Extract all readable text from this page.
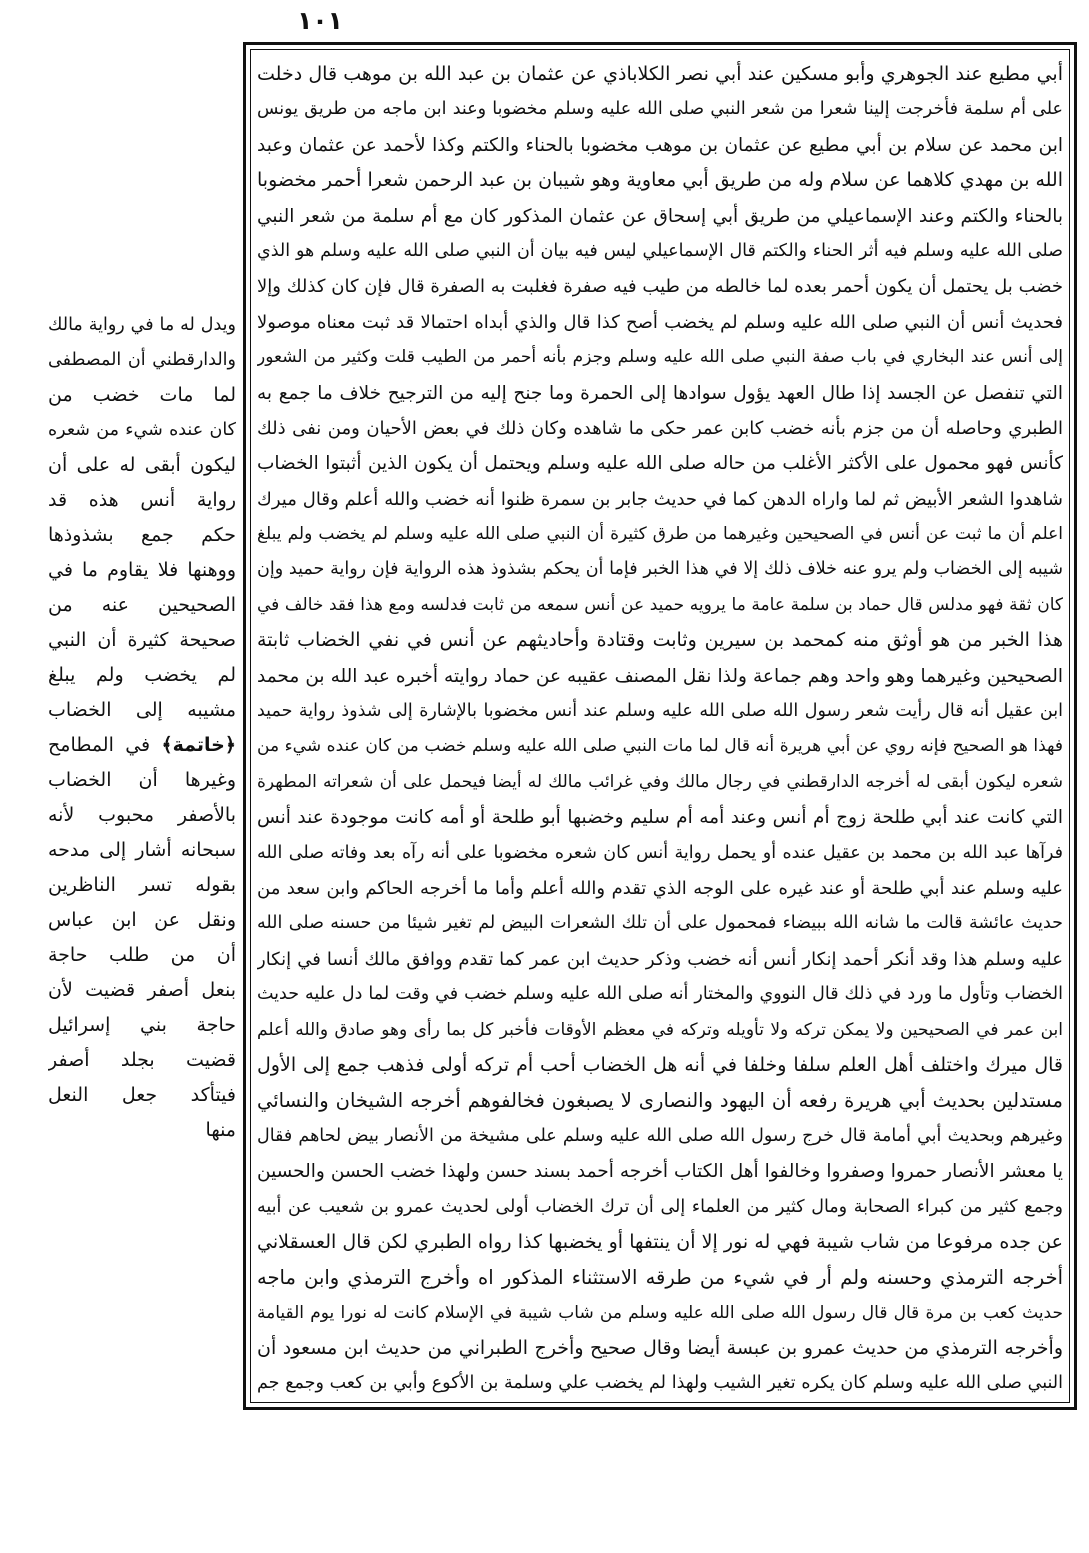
١٠١
أبي مطيع عند الجوهري وأبو مسكين عند أبي نصر الكلاباذي عن عثمان بن عبد الله بن موهب قال دخلت
على أم سلمة فأخرجت إلينا شعرا من شعر النبي صلى الله عليه وسلم مخضوبا وعند ابن ماجه من طريق يونس
ابن محمد عن سلام بن أبي مطيع عن عثمان بن موهب مخضوبا بالحناء والكتم وكذا لأحمد عن عثمان وعبد
الله بن مهدي كلاهما عن سلام وله من طريق أبي معاوية وهو شيبان بن عبد الرحمن شعرا أحمر مخضوبا
بالحناء والكتم وعند الإسماعيلي من طريق أبي إسحاق عن عثمان المذكور كان مع أم سلمة من شعر النبي
صلى الله عليه وسلم فيه أثر الحناء والكتم قال الإسماعيلي ليس فيه بيان أن النبي صلى الله عليه وسلم هو الذي
خضب بل يحتمل أن يكون أحمر بعده لما خالطه من طيب فيه صفرة فغلبت به الصفرة قال فإن كان كذلك وإلا
فحديث أنس أن النبي صلى الله عليه وسلم لم يخضب أصح كذا قال والذي أبداه احتمالا قد ثبت معناه موصولا
إلى أنس عند البخاري في باب صفة النبي صلى الله عليه وسلم وجزم بأنه أحمر من الطيب قلت وكثير من الشعور
التي تنفصل عن الجسد إذا طال العهد يؤول سوادها إلى الحمرة وما جنح إليه من الترجيح خلاف ما جمع به
الطبري وحاصله أن من جزم بأنه خضب كابن عمر حكى ما شاهده وكان ذلك في بعض الأحيان ومن نفى ذلك
كأنس فهو محمول على الأكثر الأغلب من حاله صلى الله عليه وسلم ويحتمل أن يكون الذين أثبتوا الخضاب
شاهدوا الشعر الأبيض ثم لما واراه الدهن كما في حديث جابر بن سمرة ظنوا أنه خضب والله أعلم وقال ميرك
اعلم أن ما ثبت عن أنس في الصحيحين وغيرهما من طرق كثيرة أن النبي صلى الله عليه وسلم لم يخضب ولم يبلغ
شيبه إلى الخضاب ولم يرو عنه خلاف ذلك إلا في هذا الخبر فإما أن يحكم بشذوذ هذه الرواية فإن رواية حميد وإن
كان ثقة فهو مدلس قال حماد بن سلمة عامة ما يرويه حميد عن أنس سمعه من ثابت فدلسه ومع هذا فقد خالف في
هذا الخبر من هو أوثق منه كمحمد بن سيرين وثابت وقتادة وأحاديثهم عن أنس في نفي الخضاب ثابتة
الصحيحين وغيرهما وهو واحد وهم جماعة ولذا نقل المصنف عقيبه عن حماد روايته أخبره عبد الله بن محمد
ابن عقيل أنه قال رأيت شعر رسول الله صلى الله عليه وسلم عند أنس مخضوبا بالإشارة إلى شذوذ رواية حميد
فهذا هو الصحيح فإنه روي عن أبي هريرة أنه قال لما مات النبي صلى الله عليه وسلم خضب من كان عنده شيء من
شعره ليكون أبقى له أخرجه الدارقطني في رجال مالك وفي غرائب مالك له أيضا فيحمل على أن شعراته المطهرة
التي كانت عند أبي طلحة زوج أم أنس وعند أمه أم سليم وخضبها أبو طلحة أو أمه كانت موجودة عند أنس
فرآها عبد الله بن محمد بن عقيل عنده أو يحمل رواية أنس كان شعره مخضوبا على أنه رآه بعد وفاته صلى الله
عليه وسلم عند أبي طلحة أو عند غيره على الوجه الذي تقدم والله أعلم وأما ما أخرجه الحاكم وابن سعد من
حديث عائشة قالت ما شانه الله ببيضاء فمحمول على أن تلك الشعرات البيض لم تغير شيئا من حسنه صلى الله
عليه وسلم هذا وقد أنكر أحمد إنكار أنس أنه خضب وذكر حديث ابن عمر كما تقدم ووافق مالك أنسا في إنكار
الخضاب وتأول ما ورد في ذلك قال النووي والمختار أنه صلى الله عليه وسلم خضب في وقت لما دل عليه حديث
ابن عمر في الصحيحين ولا يمكن تركه ولا تأويله وتركه في معظم الأوقات فأخبر كل بما رأى وهو صادق والله أعلم
قال ميرك واختلف أهل العلم سلفا وخلفا في أنه هل الخضاب أحب أم تركه أولى فذهب جمع إلى الأول
مستدلين بحديث أبي هريرة رفعه أن اليهود والنصارى لا يصبغون فخالفوهم أخرجه الشيخان والنسائي
وغيرهم وبحديث أبي أمامة قال خرج رسول الله صلى الله عليه وسلم على مشيخة من الأنصار بيض لحاهم فقال
يا معشر الأنصار حمروا وصفروا وخالفوا أهل الكتاب أخرجه أحمد بسند حسن ولهذا خضب الحسن والحسين
وجمع كثير من كبراء الصحابة ومال كثير من العلماء إلى أن ترك الخضاب أولى لحديث عمرو بن شعيب عن أبيه
عن جده مرفوعا من شاب شيبة فهي له نور إلا أن ينتفها أو يخضبها كذا رواه الطبري لكن قال العسقلاني
أخرجه الترمذي وحسنه ولم أر في شيء من طرقه الاستثناء المذكور اه وأخرج الترمذي وابن ماجه
حديث كعب بن مرة قال قال رسول الله صلى الله عليه وسلم من شاب شيبة في الإسلام كانت له نورا يوم القيامة
وأخرجه الترمذي من حديث عمرو بن عبسة أيضا وقال صحيح وأخرج الطبراني من حديث ابن مسعود أن
النبي صلى الله عليه وسلم كان يكره تغير الشيب ولهذا لم يخضب علي وسلمة بن الأكوع وأبي بن كعب وجمع جم
ويدل له ما في رواية مالك
والدارقطني أن المصطفى
لما مات خضب من
كان عنده شيء من شعره
ليكون أبقى له على أن
رواية أنس هذه قد
حكم جمع بشذوذها
ووهنها فلا يقاوم ما في
الصحيحين عنه من
صحيحة كثيرة أن النبي
لم يخضب ولم يبلغ
مشيبه إلى الخضاب
﴿خاتمة﴾ في المطامح
وغيرها أن الخضاب
بالأصفر محبوب لأنه
سبحانه أشار إلى مدحه
بقوله تسر الناظرين
ونقل عن ابن عباس
أن من طلب حاجة
بنعل أصفر قضيت لأن
حاجة بني إسرائيل
قضيت بجلد أصفر
فيتأكد جعل النعل
منها
